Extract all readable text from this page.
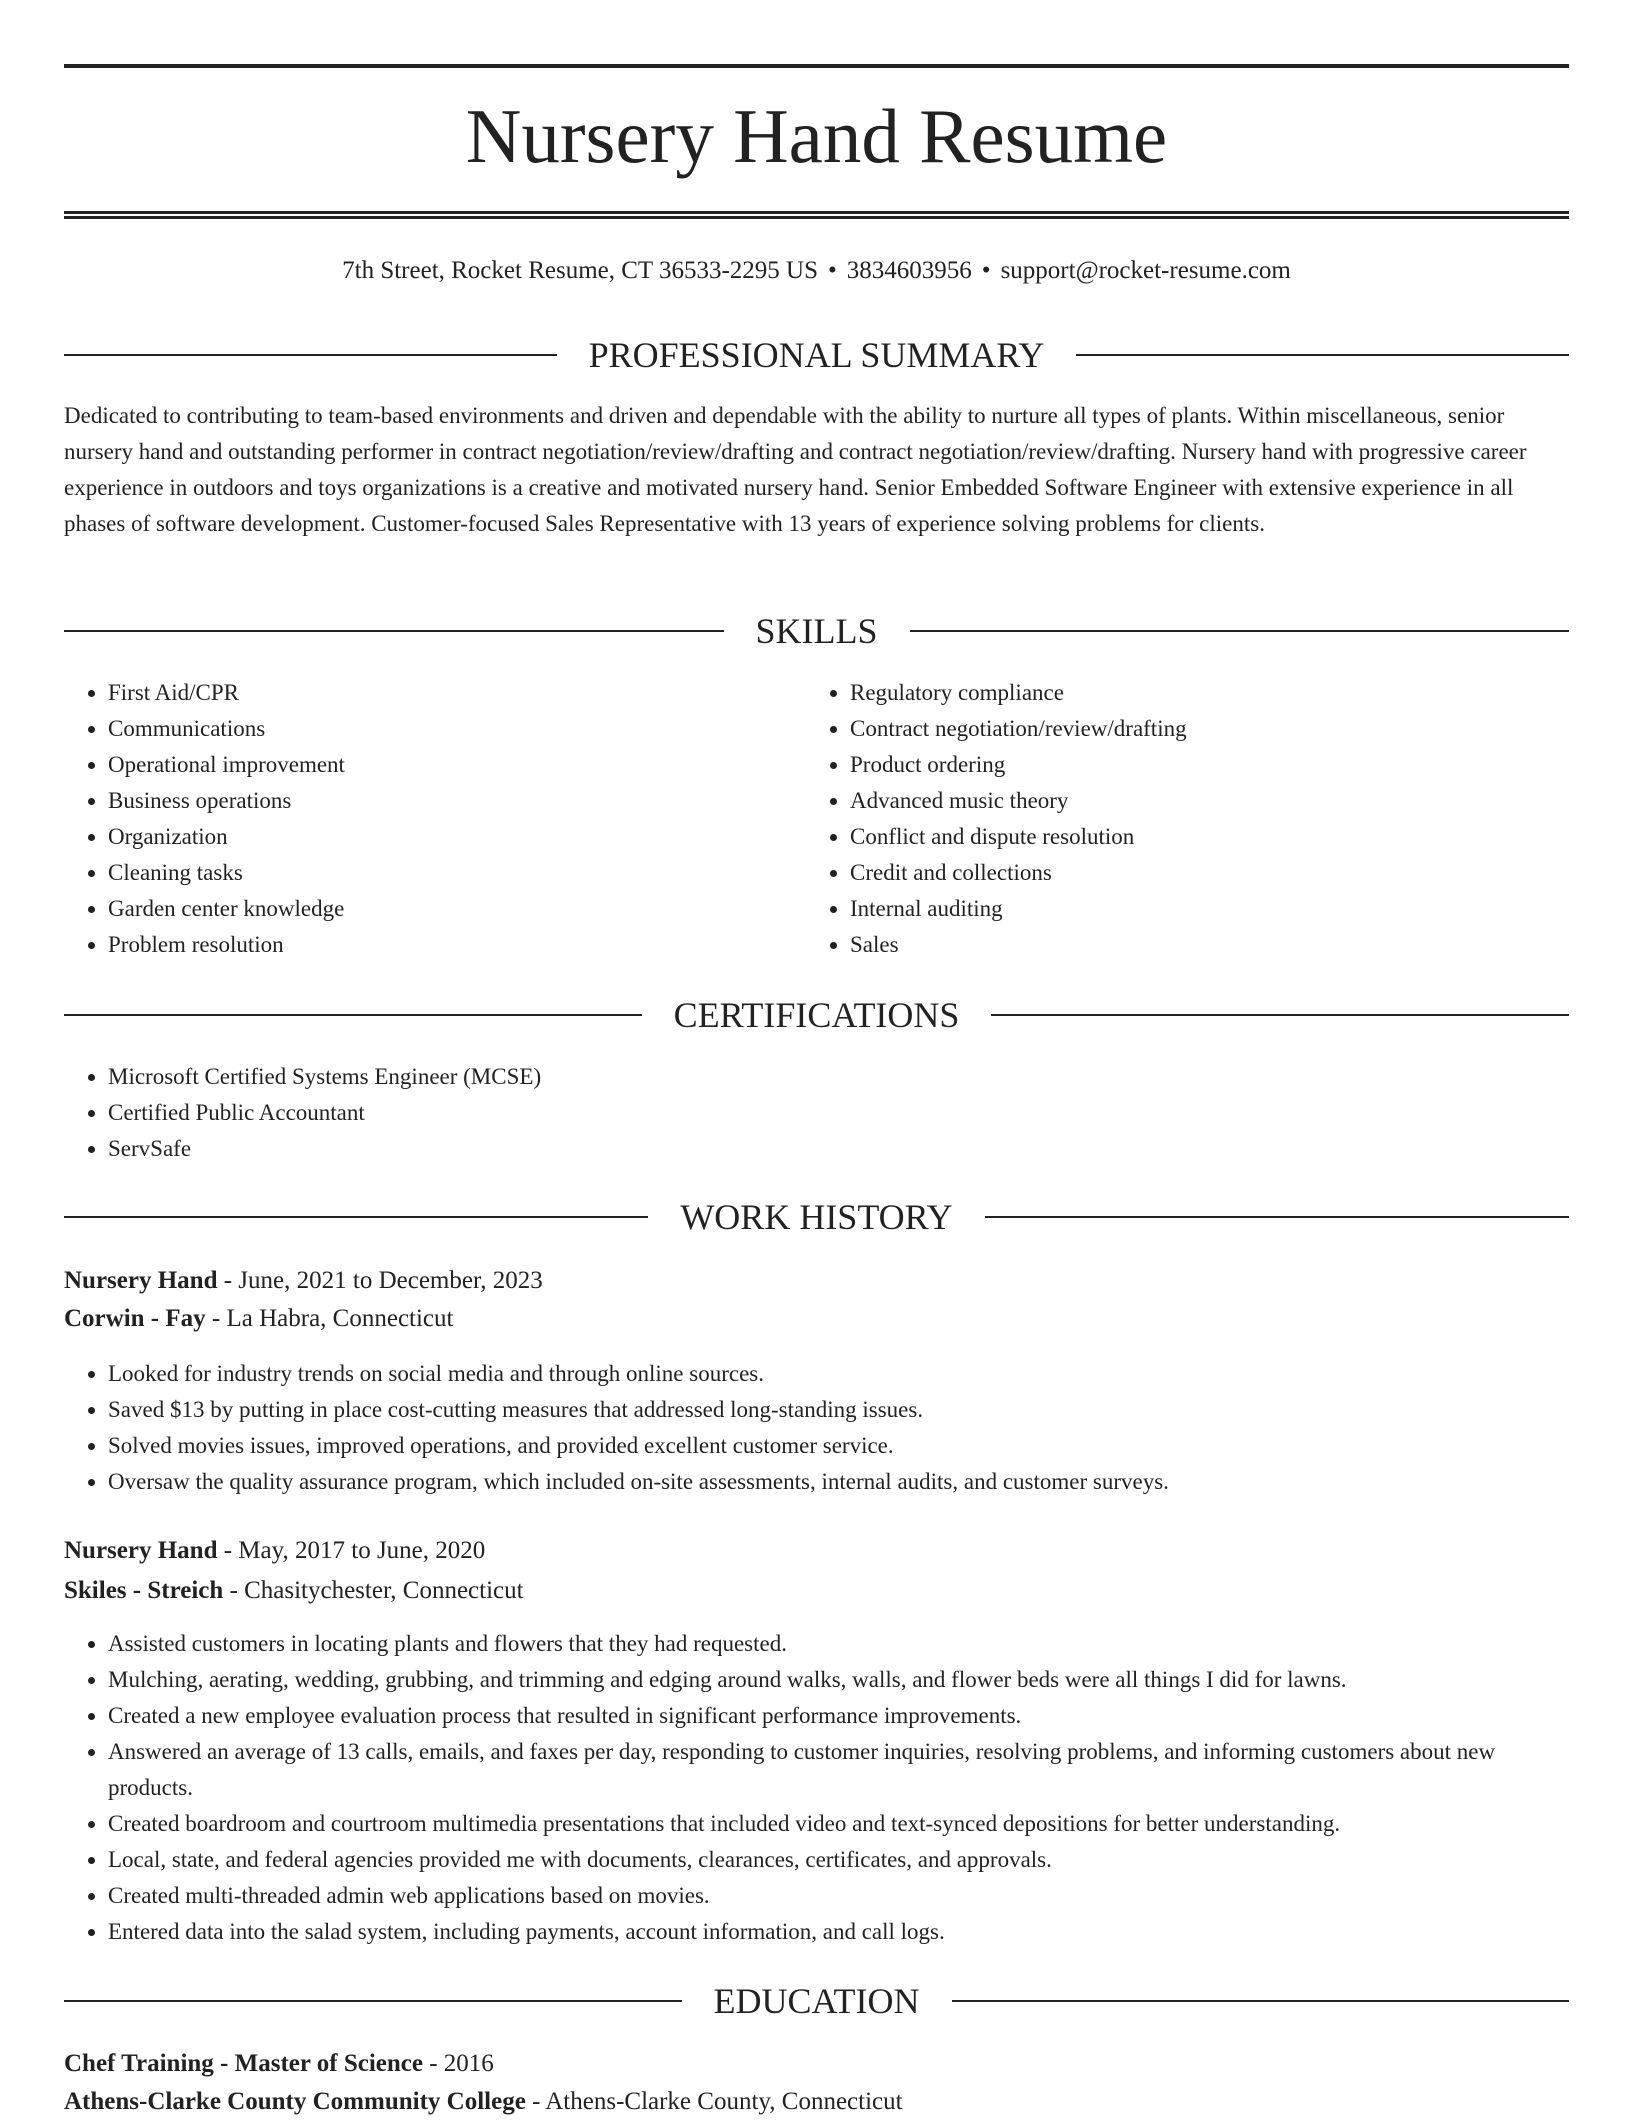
Nursery Hand Resume
7th Street, Rocket Resume, CT 36533-2295 US • 3834603956 • support@rocket-resume.com
PROFESSIONAL SUMMARY

Dedicated to contributing to team-based environments and driven and dependable with the ability to nurture all types of plants. Within miscellaneous, senior nursery hand and outstanding performer in contract negotiation/review/drafting and contract negotiation/review/drafting. Nursery hand with progressive career experience in outdoors and toys organizations is a creative and motivated nursery hand. Senior Embedded Software Engineer with extensive experience in all phases of software development. Customer-focused Sales Representative with 13 years of experience solving problems for clients.

SKILLS
• First Aid/CPR
• Communications
• Operational improvement
• Business operations
• Organization
• Cleaning tasks
• Garden center knowledge
• Problem resolution
• Regulatory compliance
• Contract negotiation/review/drafting
• Product ordering
• Advanced music theory
• Conflict and dispute resolution
• Credit and collections
• Internal auditing
• Sales
CERTIFICATIONS
• Microsoft Certified Systems Engineer (MCSE)
• Certified Public Accountant
• ServSafe
WORK HISTORY
Nursery Hand - June, 2021 to December, 2023
Corwin - Fay - La Habra, Connecticut
• Looked for industry trends on social media and through online sources.
• Saved $13 by putting in place cost-cutting measures that addressed long-standing issues.
• Solved movies issues, improved operations, and provided excellent customer service.
• Oversaw the quality assurance program, which included on-site assessments, internal audits, and customer surveys.
Nursery Hand - May, 2017 to June, 2020
Skiles - Streich - Chasitychester, Connecticut
• Assisted customers in locating plants and flowers that they had requested.
• Mulching, aerating, wedding, grubbing, and trimming and edging around walks, walls, and flower beds were all things I did for lawns.
• Created a new employee evaluation process that resulted in significant performance improvements.
• Answered an average of 13 calls, emails, and faxes per day, responding to customer inquiries, resolving problems, and informing customers about new products.
• Created boardroom and courtroom multimedia presentations that included video and text-synced depositions for better understanding.
• Local, state, and federal agencies provided me with documents, clearances, certificates, and approvals.
• Created multi-threaded admin web applications based on movies.
• Entered data into the salad system, including payments, account information, and call logs.
EDUCATION
Chef Training - Master of Science - 2016
Athens-Clarke County Community College - Athens-Clarke County, Connecticut
